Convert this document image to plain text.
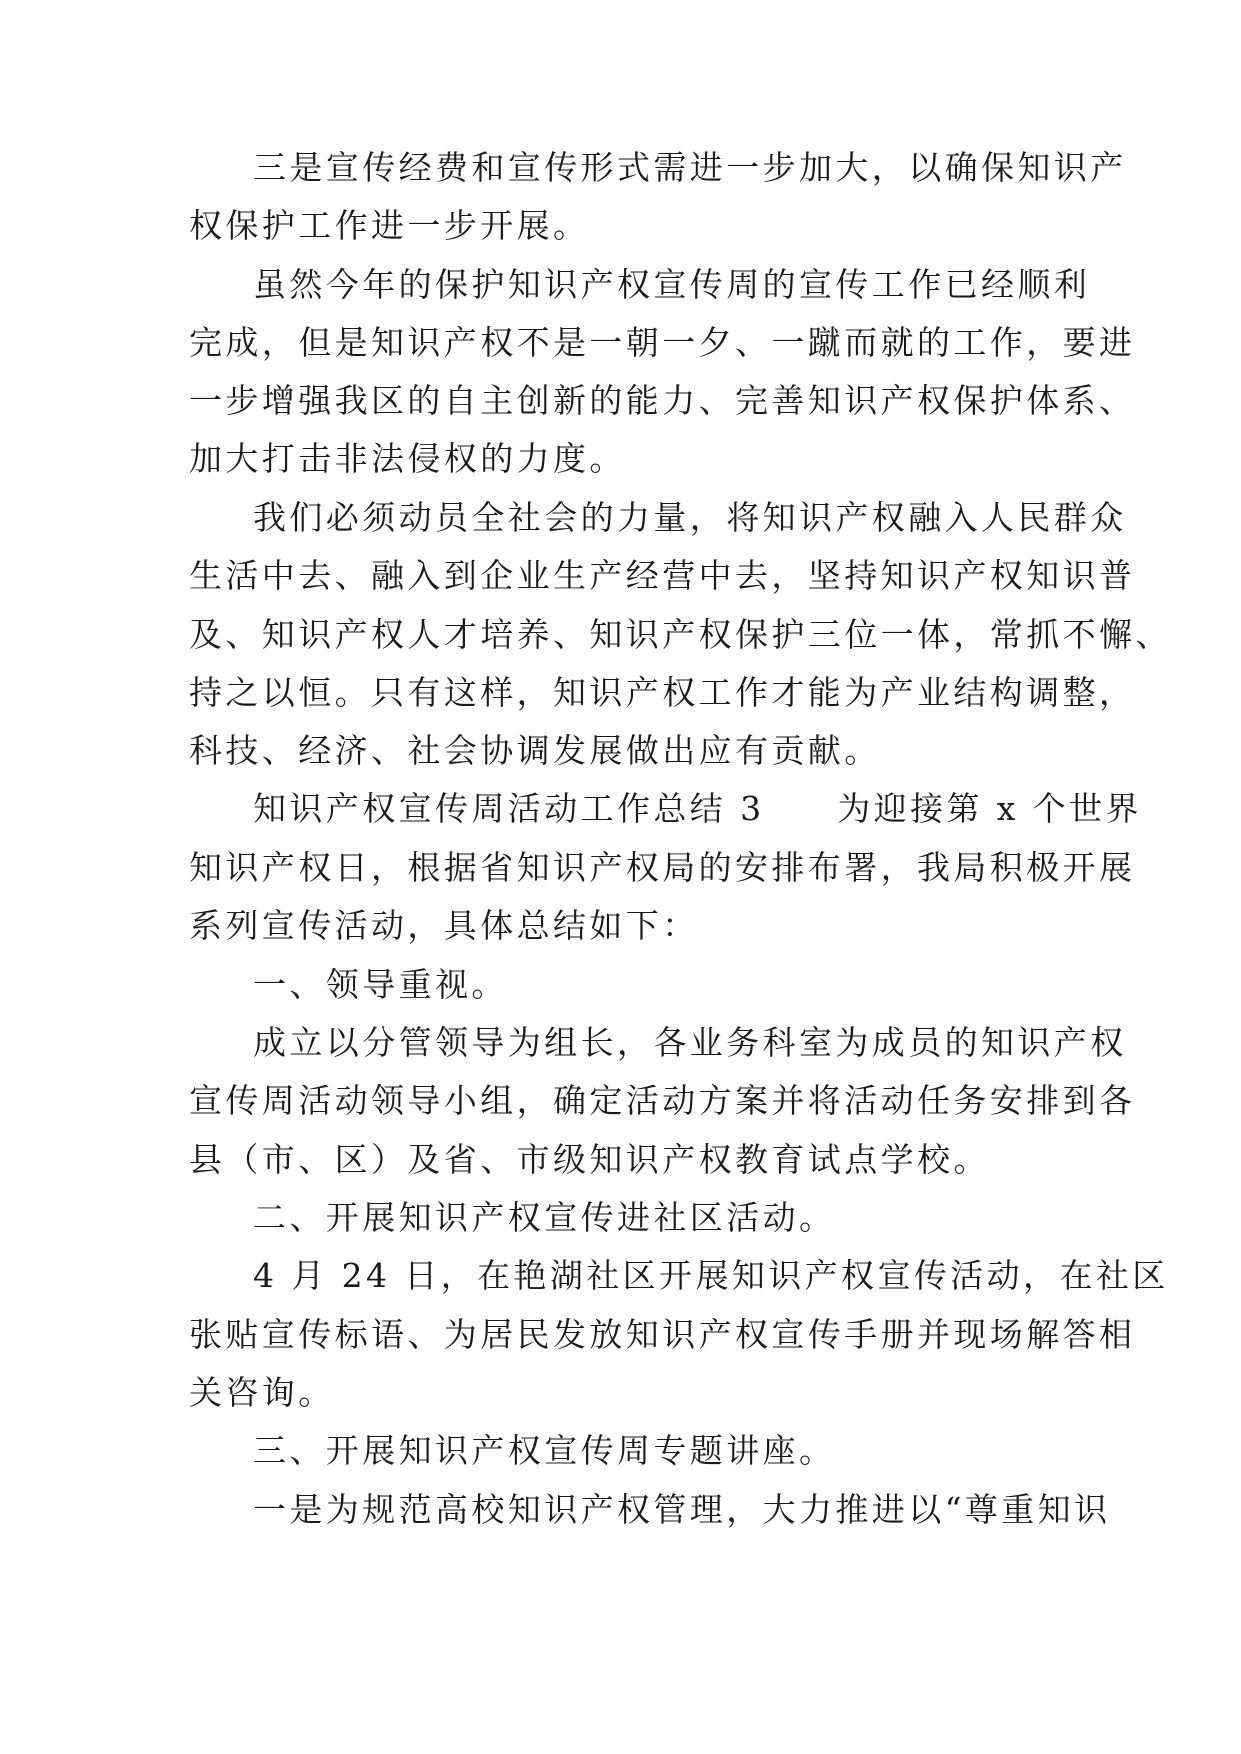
三是宣传经费和宣传形式需进一步加大，以确保知识产

权保护工作进一步开展。

虽然今年的保护知识产权宣传周的宣传工作已经顺利

完成，但是知识产权不是一朝一夕、一蹴而就的工作，要进

一步增强我区的自主创新的能力、完善知识产权保护体系、

加大打击非法侵权的力度。

我们必须动员全社会的力量，将知识产权融入人民群众

生活中去、融入到企业生产经营中去，坚持知识产权知识普

及、知识产权人才培养、知识产权保护三位一体，常抓不懈、

持之以恒。只有这样，知识产权工作才能为产业结构调整，

科技、经济、社会协调发展做出应有贡献。

知识产权宣传周活动工作总结 3　　为迎接第 x 个世界

知识产权日，根据省知识产权局的安排布署，我局积极开展

系列宣传活动，具体总结如下：

一、领导重视。

成立以分管领导为组长，各业务科室为成员的知识产权

宣传周活动领导小组，确定活动方案并将活动任务安排到各

县（市、区）及省、市级知识产权教育试点学校。

二、开展知识产权宣传进社区活动。

4 月 24 日，在艳湖社区开展知识产权宣传活动，在社区

张贴宣传标语、为居民发放知识产权宣传手册并现场解答相

关咨询。

三、开展知识产权宣传周专题讲座。

一是为规范高校知识产权管理，大力推进以“尊重知识
